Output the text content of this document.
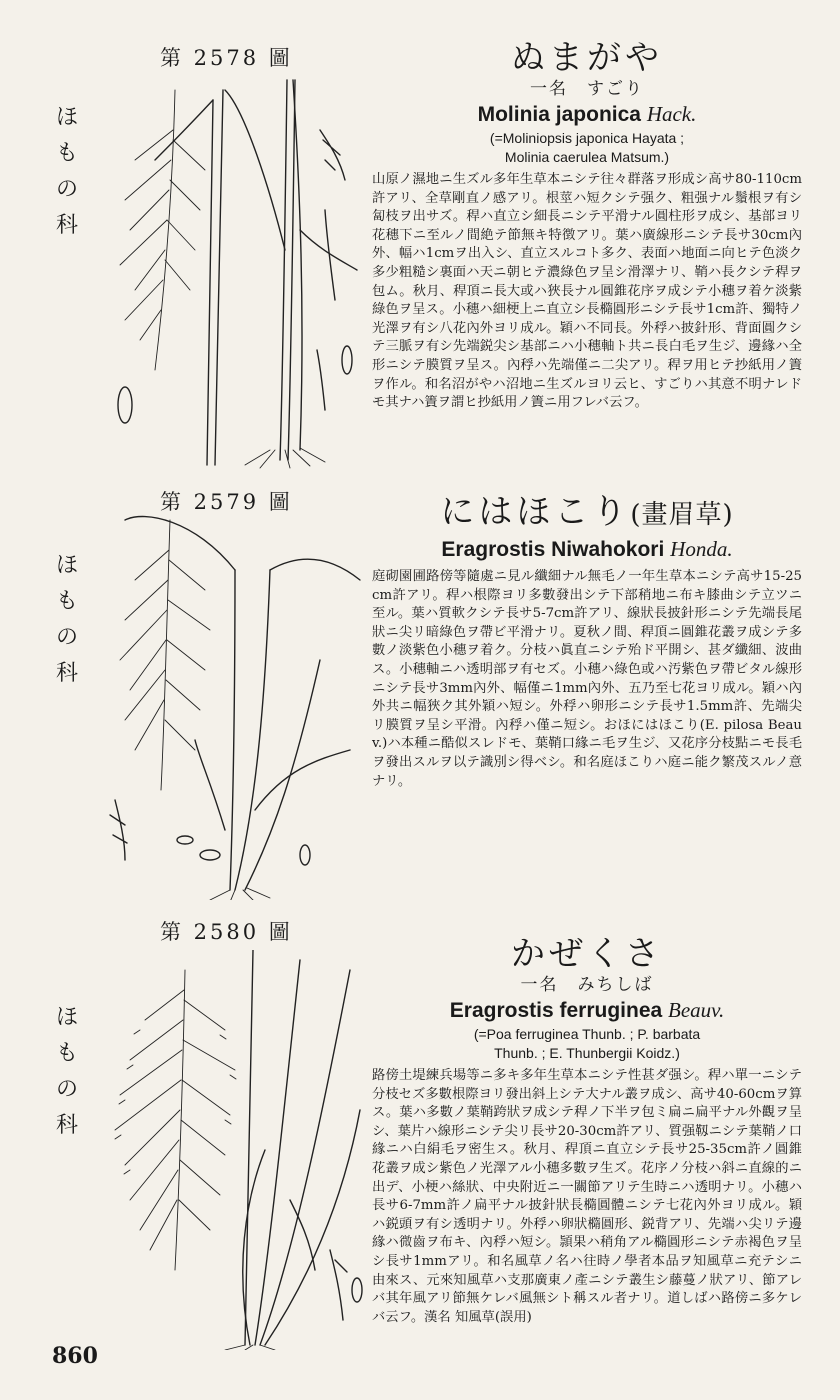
第 2578 圖
ほもの科
ぬまがや
一名　すごり
Molinia japonica Hack.
(=Moliniopsis japonica Hayata ;
Molinia caerulea Matsum.)
山原ノ濕地ニ生ズル多年生草本ニシテ往々群落ヲ形成シ高サ80-110cm許アリ、全草剛直ノ感アリ。根莖ハ短クシテ强ク、粗强ナル鬚根ヲ有シ匐枝ヲ出サズ。稈ハ直立シ細長ニシテ平滑ナル圓柱形ヲ成シ、基部ヨリ花穗下ニ至ルノ間絶テ節無キ特徴アリ。葉ハ廣線形ニシテ長サ30cm內外、幅ハ1cmヲ出入シ、直立スルコト多ク、表面ハ地面ニ向ヒテ色淡ク多少粗糙シ裏面ハ天ニ朝ヒテ濃綠色ヲ呈シ滑澤ナリ、鞘ハ長クシテ稈ヲ包ム。秋月、稈頂ニ長大或ハ狹長ナル圓錐花序ヲ成シテ小穗ヲ着ケ淡紫綠色ヲ呈ス。小穗ハ細梗上ニ直立シ長橢圓形ニシテ長サ1cm許、獨特ノ光澤ヲ有シ八花內外ヨリ成ル。穎ハ不同長。外稃ハ披針形、背面圓クシテ三脈ヲ有シ先端鋭尖シ基部ニハ小穗軸ト共ニ長白毛ヲ生ジ、邊緣ハ全形ニシテ膜質ヲ呈ス。內稃ハ先端僅ニ二尖アリ。稈ヲ用ヒテ抄紙用ノ簀ヲ作ル。和名沼がやハ沼地ニ生ズルヨリ云ヒ、すごりハ其意不明ナレドモ其ナハ簀ヲ謂ヒ抄紙用ノ簀ニ用フレバ云フ。
第 2579 圖
ほもの科
にはほこり(畫眉草)
Eragrostis Niwahokori Honda.
庭砌園圃路傍等隨處ニ見ル纖細ナル無毛ノ一年生草本ニシテ高サ15-25cm許アリ。稈ハ根際ヨリ多數發出シテ下部稍地ニ布キ膝曲シテ立ツニ至ル。葉ハ質軟クシテ長サ5-7cm許アリ、線狀長披針形ニシテ先端長尾狀ニ尖リ暗綠色ヲ帶ビ平滑ナリ。夏秋ノ間、稈頂ニ圓錐花叢ヲ成シテ多數ノ淡紫色小穗ヲ着ク。分枝ハ眞直ニシテ殆ド平開シ、甚ダ纖細、波曲ス。小穗軸ニハ透明部ヲ有セズ。小穗ハ綠色或ハ汚紫色ヲ帶ビタル線形ニシテ長サ3mm內外、幅僅ニ1mm內外、五乃至七花ヨリ成ル。穎ハ內外共ニ幅狹ク其外穎ハ短シ。外稃ハ卵形ニシテ長サ1.5mm許、先端尖リ膜質ヲ呈シ平滑。內稃ハ僅ニ短シ。おほにはほこり(E. pilosa Beauv.)ハ本種ニ酷似スレドモ、葉鞘口緣ニ毛ヲ生ジ、又花序分枝點ニモ長毛ヲ發出スルヲ以テ識別シ得ベシ。和名庭ほこりハ庭ニ能ク繁茂スルノ意ナリ。
第 2580 圖
ほもの科
かぜくさ
一名　みちしば
Eragrostis ferruginea Beauv.
(=Poa ferruginea Thunb. ; P. barbata
Thunb. ; E. Thunbergii Koidz.)
路傍土堤練兵場等ニ多キ多年生草本ニシテ性甚ダ强シ。稈ハ單一ニシテ分枝セズ多數根際ヨリ發出斜上シテ大ナル叢ヲ成シ、高サ40-60cmヲ算ス。葉ハ多數ノ葉鞘跨狀ヲ成シテ稈ノ下半ヲ包ミ扁ニ扁平ナル外觀ヲ呈シ、葉片ハ線形ニシテ尖リ長サ20-30cm許アリ、質强靱ニシテ葉鞘ノ口緣ニハ白絹毛ヲ密生ス。秋月、稈頂ニ直立シテ長サ25-35cm許ノ圓錐花叢ヲ成シ紫色ノ光澤アル小穗多數ヲ生ズ。花序ノ分枝ハ斜ニ直線的ニ出デ、小梗ハ絲狀、中央附近ニ一關節アリテ生時ニハ透明ナリ。小穗ハ長サ6-7mm許ノ扁平ナル披針狀長橢圓體ニシテ七花內外ヨリ成ル。穎ハ鋭頭ヲ有シ透明ナリ。外稃ハ卵狀橢圓形、鋭背アリ、先端ハ尖リテ邊緣ハ微齒ヲ布キ、內稃ハ短シ。頴果ハ稍角アル橢圓形ニシテ赤褐色ヲ呈シ長サ1mmアリ。和名風草ノ名ハ往時ノ學者本品ヲ知風草ニ充テシニ由來ス、元來知風草ハ支那廣東ノ產ニシテ叢生シ藤蔓ノ狀アリ、節アレバ其年風アリ節無ケレバ風無シト稱スル者ナリ。道しばハ路傍ニ多ケレバ云フ。漢名 知風草(誤用)
860
